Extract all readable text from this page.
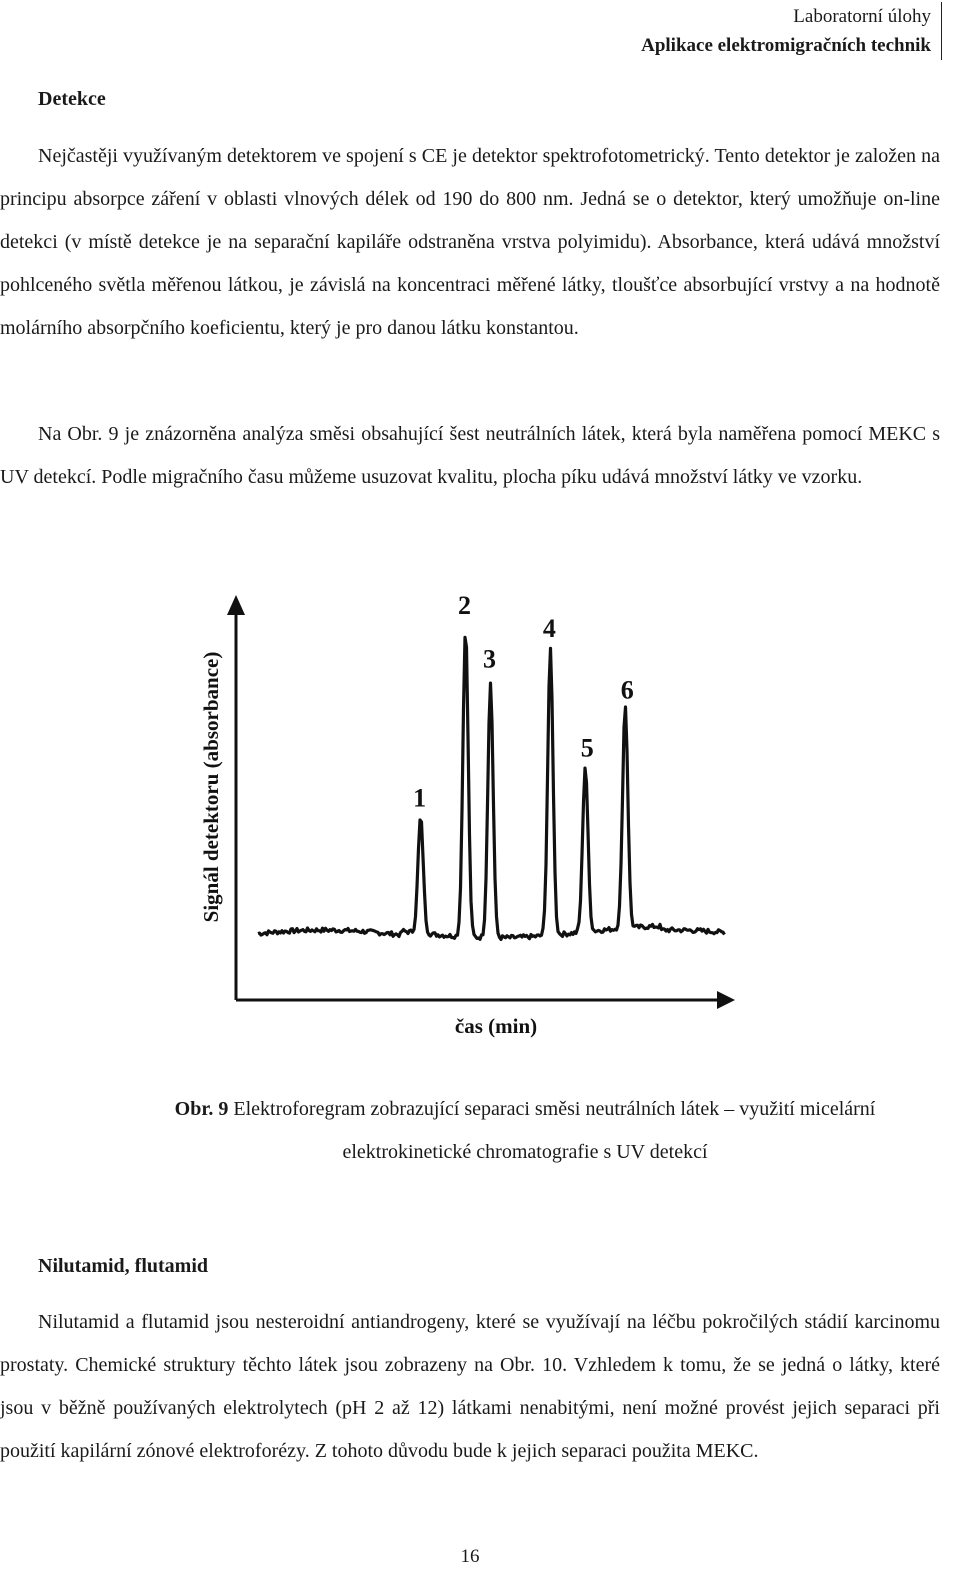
Laboratorní úlohy
Aplikace elektromigračních technik
Detekce

Nejčastěji využívaným detektorem ve spojení s CE je detektor spektrofotometrický. Tento detektor je založen na principu absorpce záření v oblasti vlnových délek od 190 do 800 nm. Jedná se o detektor, který umožňuje on-line detekci (v místě detekce je na separační kapiláře odstraněna vrstva polyimidu). Absorbance, která udává množství pohlceného světla měřenou látkou, je závislá na koncentraci měřené látky, tloušťce absorbující vrstvy a na hodnotě molárního absorpčního koeficientu, který je pro danou látku konstantou.

Na Obr. 9 je znázorněna analýza směsi obsahující šest neutrálních látek, která byla naměřena pomocí MEKC s UV detekcí. Podle migračního času můžeme usuzovat kvalitu, plocha píku udává množství látky ve vzorku.

1
2
3
4
5
6
čas (min)
Signál detektoru (absorbance)
Obr. 9 Elektroforegram zobrazující separaci směsi neutrálních látek – využití micelární elektrokinetické chromatografie s UV detekcí
Nilutamid, flutamid

Nilutamid a flutamid jsou nesteroidní antiandrogeny, které se využívají na léčbu pokročilých stádií karcinomu prostaty. Chemické struktury těchto látek jsou zobrazeny na Obr. 10. Vzhledem k tomu, že se jedná o látky, které jsou v běžně používaných elektrolytech (pH 2 až 12) látkami nenabitými, není možné provést jejich separaci při použití kapilární zónové elektroforézy. Z tohoto důvodu bude k jejich separaci použita MEKC.

16
